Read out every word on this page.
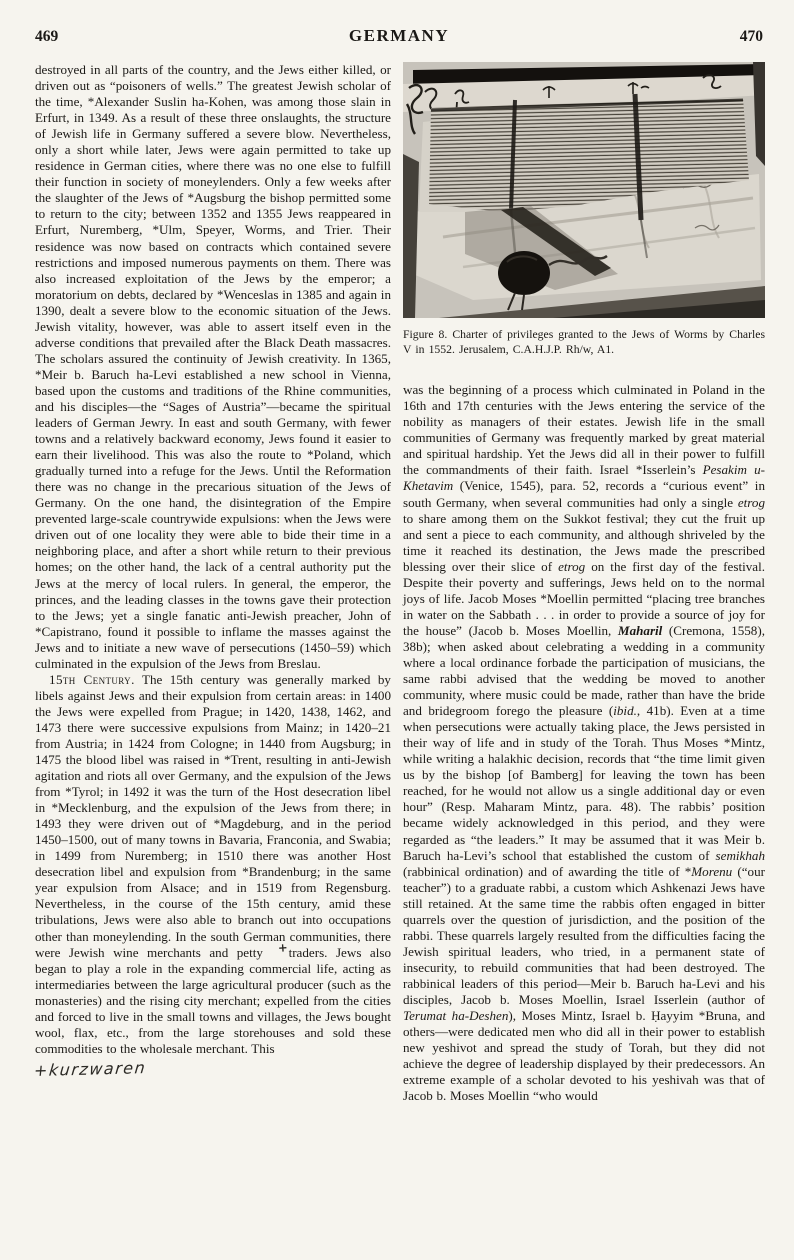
469	GERMANY	470

destroyed in all parts of the country, and the Jews either killed, or driven out as “poisoners of wells.” The greatest Jewish scholar of the time, *Alexander Suslin ha-Kohen, was among those slain in Erfurt, in 1349. As a result of these three onslaughts, the structure of Jewish life in Germany suffered a severe blow. Nevertheless, only a short while later, Jews were again permitted to take up residence in German cities, where there was no one else to fulfill their function in society of moneylenders. Only a few weeks after the slaughter of the Jews of *Augsburg the bishop permitted some to return to the city; between 1352 and 1355 Jews reappeared in Erfurt, Nuremberg, *Ulm, Speyer, Worms, and Trier. Their residence was now based on contracts which contained severe restrictions and imposed numerous payments on them. There was also increased exploitation of the Jews by the emperor; a moratorium on debts, declared by *Wenceslas in 1385 and again in 1390, dealt a severe blow to the economic situation of the Jews. Jewish vitality, however, was able to assert itself even in the adverse conditions that prevailed after the Black Death massacres. The scholars assured the continuity of Jewish creativity. In 1365, *Meir b. Baruch ha-Levi established a new school in Vienna, based upon the customs and traditions of the Rhine communities, and his disciples—the “Sages of Austria”—became the spiritual leaders of German Jewry. In east and south Germany, with fewer towns and a relatively backward economy, Jews found it easier to earn their livelihood. This was also the route to *Poland, which gradually turned into a refuge for the Jews. Until the Reformation there was no change in the precarious situation of the Jews of Germany. On the one hand, the disintegration of the Empire prevented large-scale countrywide expulsions: when the Jews were driven out of one locality they were able to bide their time in a neighboring place, and after a short while return to their previous homes; on the other hand, the lack of a central authority put the Jews at the mercy of local rulers. In general, the emperor, the princes, and the leading classes in the towns gave their protection to the Jews; yet a single fanatic anti-Jewish preacher, John of *Capistrano, found it possible to inflame the masses against the Jews and to initiate a new wave of persecutions (1450–59) which culminated in the expulsion of the Jews from Breslau.

15th Century. The 15th century was generally marked by libels against Jews and their expulsion from certain areas: in 1400 the Jews were expelled from Prague; in 1420, 1438, 1462, and 1473 there were successive expulsions from Mainz; in 1420–21 from Austria; in 1424 from Cologne; in 1440 from Augsburg; in 1475 the blood libel was raised in *Trent, resulting in anti-Jewish agitation and riots all over Germany, and the expulsion of the Jews from *Tyrol; in 1492 it was the turn of the Host desecration libel in *Mecklenburg, and the expulsion of the Jews from there; in 1493 they were driven out of *Magdeburg, and in the period 1450–1500, out of many towns in Bavaria, Franconia, and Swabia; in 1499 from Nuremberg; in 1510 there was another Host desecration libel and expulsion from *Brandenburg; in the same year expulsion from Alsace; and in 1519 from Regensburg. Nevertheless, in the course of the 15th century, amid these tribulations, Jews were also able to branch out into occupations other than moneylending. In the south German communities, there were Jewish wine merchants and petty +traders. Jews also began to play a role in the expanding commercial life, acting as intermediaries between the large agricultural producer (such as the monasteries) and the rising city merchant; expelled from the cities and forced to live in the small towns and villages, the Jews bought wool, flax, etc., from the large storehouses and sold these commodities to the wholesale merchant. This

+kurzwaren
Figure 8. Charter of privileges granted to the Jews of Worms by Charles V in 1552. Jerusalem, C.A.H.J.P. Rh/w, A1.

was the beginning of a process which culminated in Poland in the 16th and 17th centuries with the Jews entering the service of the nobility as managers of their estates. Jewish life in the small communities of Germany was frequently marked by great material and spiritual hardship. Yet the Jews did all in their power to fulfill the commandments of their faith. Israel *Isserlein’s Pesakim u-Khetavim (Venice, 1545), para. 52, records a “curious event” in south Germany, when several communities had only a single etrog to share among them on the Sukkot festival; they cut the fruit up and sent a piece to each community, and although shriveled by the time it reached its destination, the Jews made the prescribed blessing over their slice of etrog on the first day of the festival. Despite their poverty and sufferings, Jews held on to the normal joys of life. Jacob Moses *Moellin permitted “placing tree branches in water on the Sabbath . . . in order to provide a source of joy for the house” (Jacob b. Moses Moellin, Maharil (Cremona, 1558), 38b); when asked about celebrating a wedding in a community where a local ordinance forbade the participation of musicians, the same rabbi advised that the wedding be moved to another community, where music could be made, rather than have the bride and bridegroom forego the pleasure (ibid., 41b). Even at a time when persecutions were actually taking place, the Jews persisted in their way of life and in study of the Torah. Thus Moses *Mintz, while writing a halakhic decision, records that “the time limit given us by the bishop [of Bamberg] for leaving the town has been reached, for he would not allow us a single additional day or even hour” (Resp. Maharam Mintz, para. 48). The rabbis’ position became widely acknowledged in this period, and they were regarded as “the leaders.” It may be assumed that it was Meir b. Baruch ha-Levi’s school that established the custom of semikhah (rabbinical ordination) and of awarding the title of *Morenu (“our teacher”) to a graduate rabbi, a custom which Ashkenazi Jews have still retained. At the same time the rabbis often engaged in bitter quarrels over the question of jurisdiction, and the position of the rabbi. These quarrels largely resulted from the difficulties facing the Jewish spiritual leaders, who tried, in a permanent state of insecurity, to rebuild communities that had been destroyed. The rabbinical leaders of this period—Meir b. Baruch ha-Levi and his disciples, Jacob b. Moses Moellin, Israel Isserlein (author of Terumat ha-Deshen), Moses Mintz, Israel b. Ḥayyim *Bruna, and others—were dedicated men who did all in their power to establish new yeshivot and spread the study of Torah, but they did not achieve the degree of leadership displayed by their predecessors. An extreme example of a scholar devoted to his yeshivah was that of Jacob b. Moses Moellin “who would
